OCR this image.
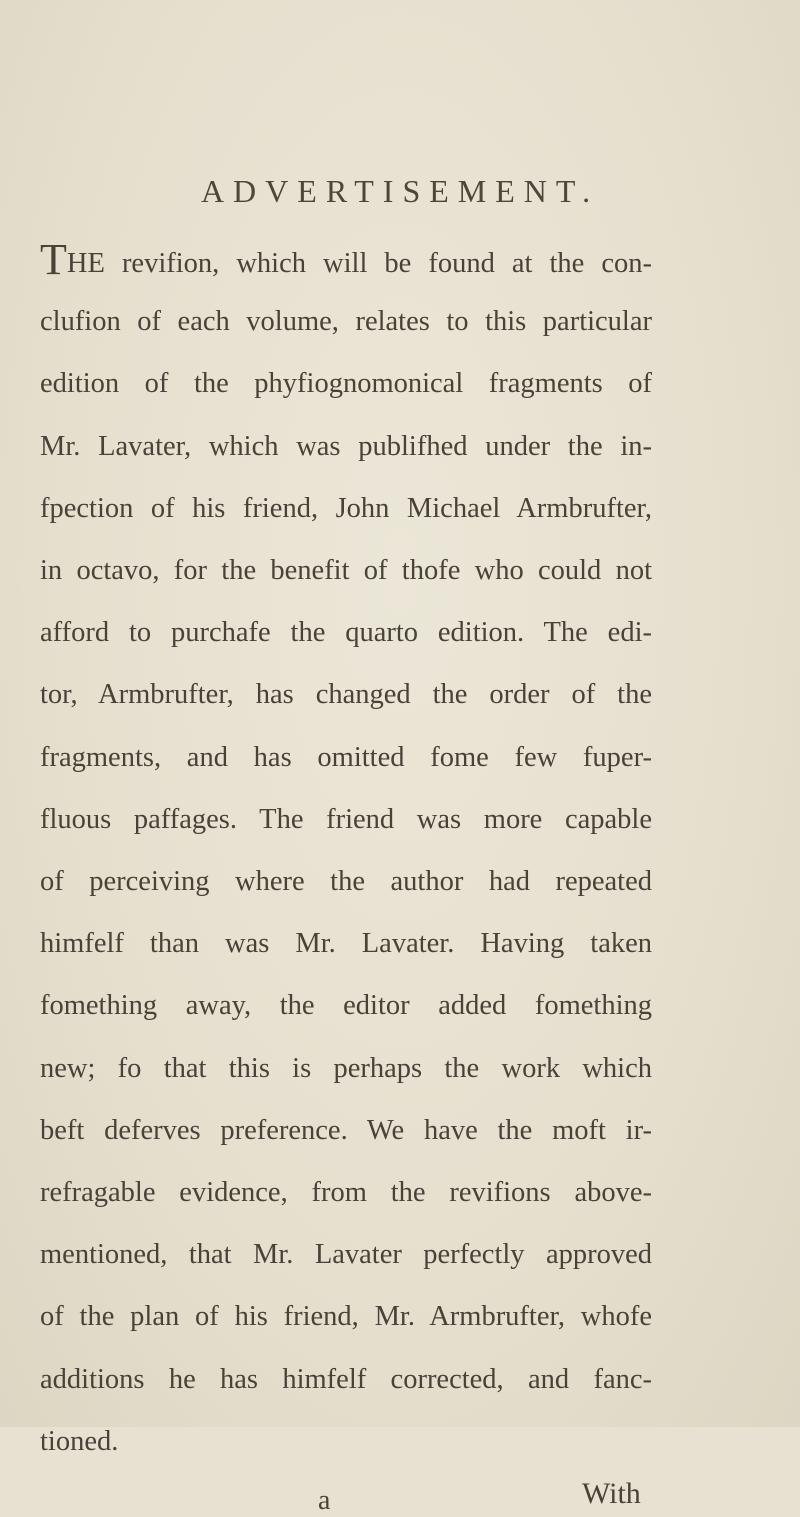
ADVERTISEMENT.
THE revifion, which will be found at the con-
clufion of each volume, relates to this particular
edition of the phyfiognomonical fragments of
Mr. Lavater, which was publifhed under the in-
fpection of his friend, John Michael Armbrufter,
in octavo, for the benefit of thofe who could not
afford to purchafe the quarto edition. The edi-
tor, Armbrufter, has changed the order of the
fragments, and has omitted fome few fuper-
fluous paffages. The friend was more capable
of perceiving where the author had repeated
himfelf than was Mr. Lavater. Having taken
fomething away, the editor added fomething
new; fo that this is perhaps the work which
beft deferves preference. We have the moft ir-
refragable evidence, from the revifions above-
mentioned, that Mr. Lavater perfectly approved
of the plan of his friend, Mr. Armbrufter, whofe
additions he has himfelf corrected, and fanc-
tioned.
a	With
